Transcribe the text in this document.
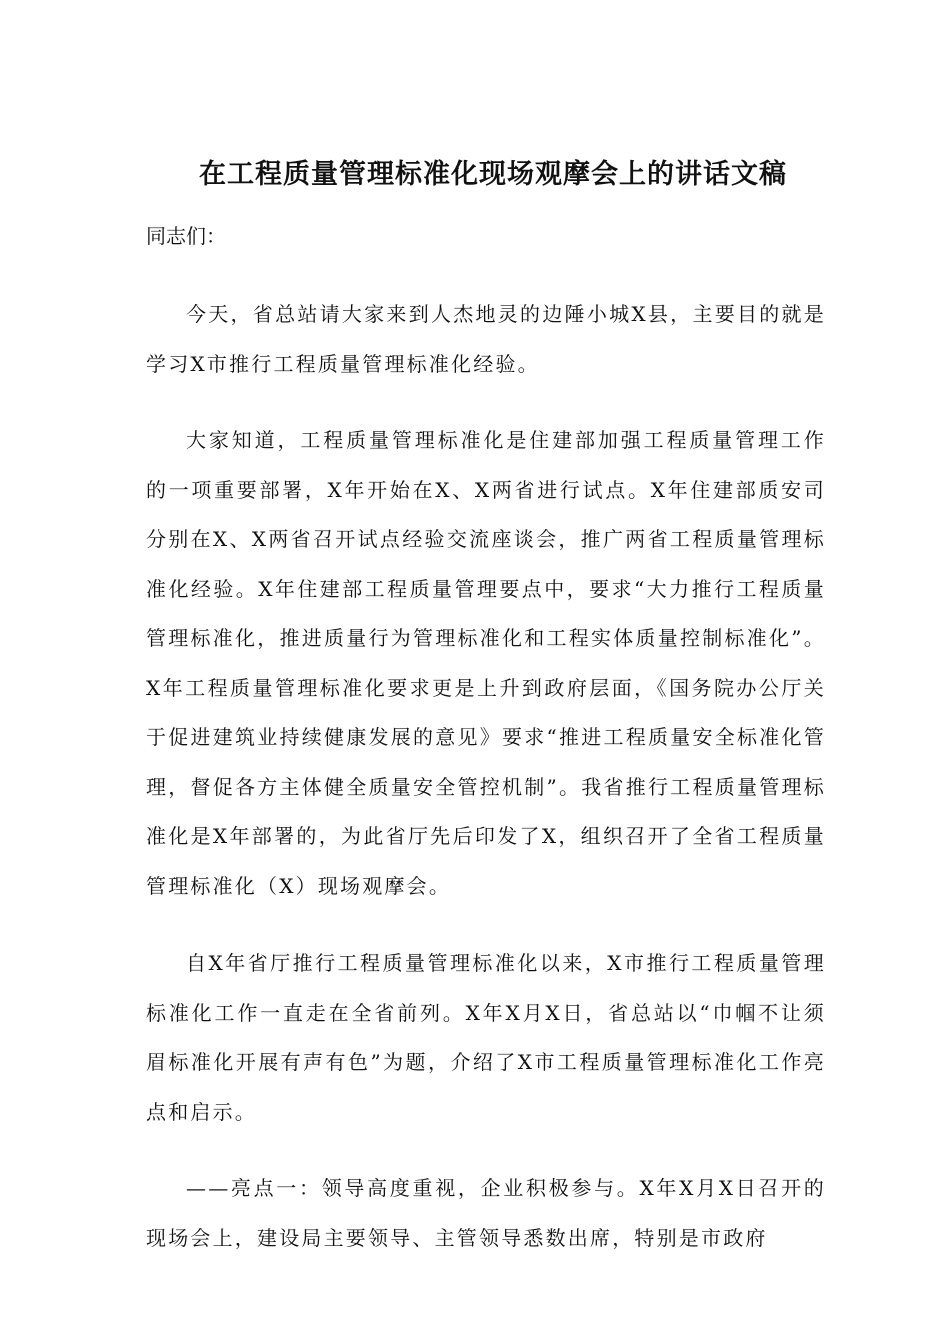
在工程质量管理标准化现场观摩会上的讲话文稿

同志们：

今天，省总站请大家来到人杰地灵的边陲小城X县，主要目的就是学习X市推行工程质量管理标准化经验。

大家知道，工程质量管理标准化是住建部加强工程质量管理工作的一项重要部署，X年开始在X、X两省进行试点。X年住建部质安司分别在X、X两省召开试点经验交流座谈会，推广两省工程质量管理标准化经验。X年住建部工程质量管理要点中，要求“大力推行工程质量管理标准化，推进质量行为管理标准化和工程实体质量控制标准化”。X年工程质量管理标准化要求更是上升到政府层面，《国务院办公厅关于促进建筑业持续健康发展的意见》要求“推进工程质量安全标准化管理，督促各方主体健全质量安全管控机制”。我省推行工程质量管理标准化是X年部署的，为此省厅先后印发了X，组织召开了全省工程质量管理标准化（X）现场观摩会。

自X年省厅推行工程质量管理标准化以来，X市推行工程质量管理标准化工作一直走在全省前列。X年X月X日，省总站以“巾帼不让须眉标准化开展有声有色”为题，介绍了X市工程质量管理标准化工作亮点和启示。

——亮点一：领导高度重视，企业积极参与。X年X月X日召开的现场会上，建设局主要领导、主管领导悉数出席，特别是市政府
